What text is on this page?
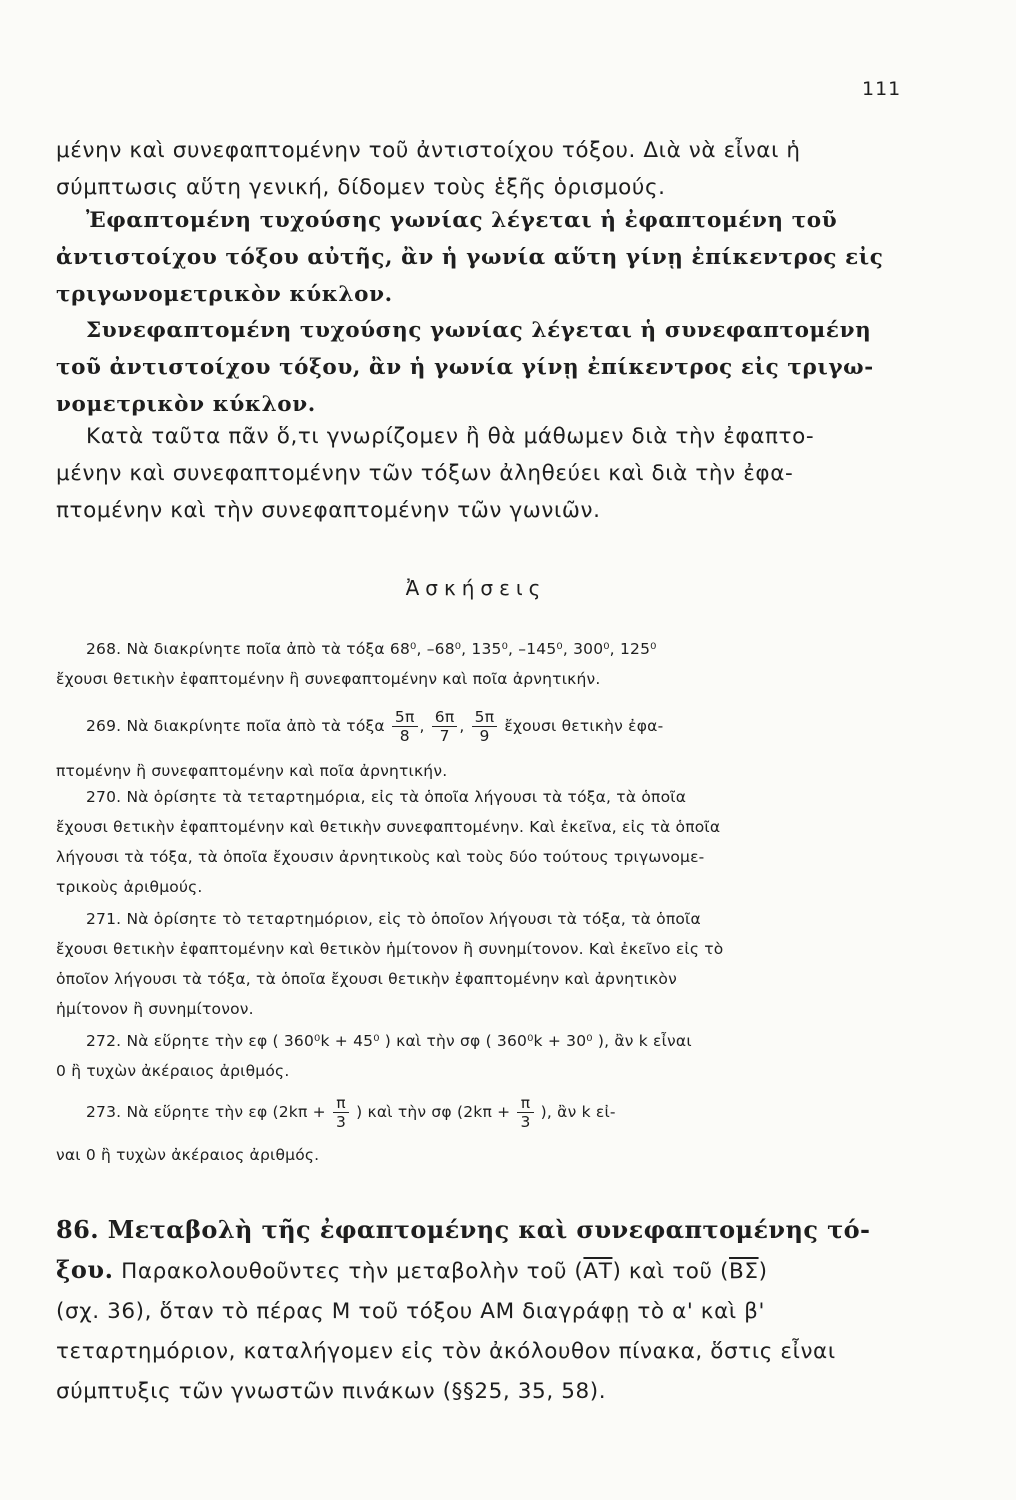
111
μένην καὶ συνεφαπτομένην τοῦ ἀντιστοίχου τόξου. Διὰ νὰ εἶναι ἡ
σύμπτωσις αὕτη γενική, δίδομεν τοὺς ἑξῆς ὁρισμούς.
Ἐφαπτομένη τυχούσης γωνίας λέγεται ἡ ἐφαπτομένη τοῦ
ἀντιστοίχου τόξου αὐτῆς, ἂν ἡ γωνία αὕτη γίνῃ ἐπίκεντρος εἰς
τριγωνομετρικὸν κύκλον.
Συνεφαπτομένη τυχούσης γωνίας λέγεται ἡ συνεφαπτομένη
τοῦ ἀντιστοίχου τόξου, ἂν ἡ γωνία γίνῃ ἐπίκεντρος εἰς τριγω-
νομετρικὸν κύκλον.
Κατὰ ταῦτα πᾶν ὅ,τι γνωρίζομεν ἢ θὰ μάθωμεν διὰ τὴν ἐφαπτο-
μένην καὶ συνεφαπτομένην τῶν τόξων ἀληθεύει καὶ διὰ τὴν ἐφα-
πτομένην καὶ τὴν συνεφαπτομένην τῶν γωνιῶν.
Ἀσκήσεις
268. Νὰ διακρίνητε ποῖα ἀπὸ τὰ τόξα 68⁰, –68⁰, 135⁰, –145⁰, 300⁰, 125⁰
ἔχουσι θετικὴν ἐφαπτομένην ἢ συνεφαπτομένην καὶ ποῖα ἀρνητικήν.
269. Νὰ διακρίνητε ποῖα ἀπὸ τὰ τόξα $\frac{5\pi}{8}$ , $\frac{6\pi}{7}$ , $\frac{5\pi}{9}$ ἔχουσι θετικὴν ἐφα-
πτομένην ἢ συνεφαπτομένην καὶ ποῖα ἀρνητικήν.
270. Νὰ ὁρίσητε τὰ τεταρτημόρια, εἰς τὰ ὁποῖα λήγουσι τὰ τόξα, τὰ ὁποῖα
ἔχουσι θετικὴν ἐφαπτομένην καὶ θετικὴν συνεφαπτομένην. Καὶ ἐκεῖνα, εἰς τὰ ὁποῖα
λήγουσι τὰ τόξα, τὰ ὁποῖα ἔχουσιν ἀρνητικοὺς καὶ τοὺς δύο τούτους τριγωνομε-
τρικοὺς ἀριθμούς.
271. Νὰ ὁρίσητε τὸ τεταρτημόριον, εἰς τὸ ὁποῖον λήγουσι τὰ τόξα, τὰ ὁποῖα
ἔχουσι θετικὴν ἐφαπτομένην καὶ θετικὸν ἡμίτονον ἢ συνημίτονον. Καὶ ἐκεῖνο εἰς τὸ
ὁποῖον λήγουσι τὰ τόξα, τὰ ὁποῖα ἔχουσι θετικὴν ἐφαπτομένην καὶ ἀρνητικὸν
ἡμίτονον ἢ συνημίτονον.
272. Νὰ εὕρητε τὴν εφ ( 360⁰k + 45⁰ ) καὶ τὴν σφ ( 360⁰k + 30⁰ ), ἂν k εἶναι
0 ἢ τυχὼν ἀκέραιος ἀριθμός.
273. Νὰ εὕρητε τὴν εφ ($2k\pi + \frac{\pi}{3}$ ) καὶ τὴν σφ ($2k\pi + \frac{\pi}{3}$ ), ἂν k εἰ-
ναι 0 ἢ τυχὼν ἀκέραιος ἀριθμός.
86. Μεταβολὴ τῆς ἐφαπτομένης καὶ συνεφαπτομένης τό-
ξου. Παρακολουθοῦντες τὴν μεταβολὴν τοῦ $(\overline{AT})$ καὶ τοῦ $(\overline{B\Sigma})$
(σχ. 36), ὅταν τὸ πέρας Μ τοῦ τόξου ΑΜ διαγράφῃ τὸ α' καὶ β'
τεταρτημόριον, καταλήγομεν εἰς τὸν ἀκόλουθον πίνακα, ὅστις εἶναι
σύμπτυξις τῶν γνωστῶν πινάκων (§§25, 35, 58).
